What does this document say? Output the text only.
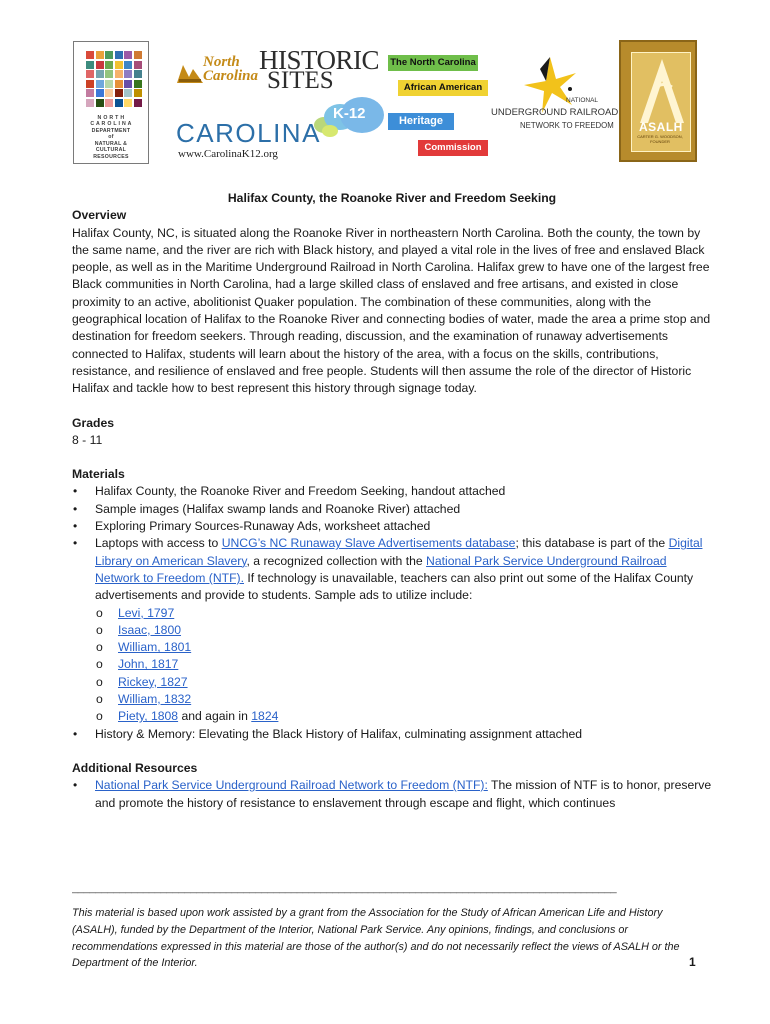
N O R T H
C A R O L I N A
DEPARTMENT
of
NATURAL &
CULTURAL
RESOURCES
North
Carolina
HISTORIC
SITES
K-12
CAROLINA
www.CarolinaK12.org
The North Carolina
African American
Heritage
Commission
NATIONAL
UNDERGROUND RAILROAD
NETWORK TO FREEDOM ASALH
CARTER G. WOODSON, FOUNDER

Halifax County, the Roanoke River and Freedom Seeking

Overview

Halifax County, NC, is situated along the Roanoke River in northeastern North Carolina. Both the county, the town by the same name, and the river are rich with Black history, and played a vital role in the lives of free and enslaved Black people, as well as in the Maritime Underground Railroad in North Carolina. Halifax grew to have one of the largest free Black communities in North Carolina, had a large skilled class of enslaved and free artisans, and existed in close proximity to an active, abolitionist Quaker population. The combination of these communities, along with the geographical location of Halifax to the Roanoke River and connecting bodies of water, made the area a prime stop and destination for freedom seekers. Through reading, discussion, and the examination of runaway advertisements connected to Halifax, students will learn about the history of the area, with a focus on the skills, contributions, resistance, and resilience of enslaved and free people. Students will then assume the role of the director of Historic Halifax and tackle how to best represent this history through signage today.

Grades

8 - 11

Materials

• Halifax County, the Roanoke River and Freedom Seeking, handout attached
• Sample images (Halifax swamp lands and Roanoke River) attached
• Exploring Primary Sources-Runaway Ads, worksheet attached
• Laptops with access to UNCG’s NC Runaway Slave Advertisements database; this database is part of the Digital Library on American Slavery, a recognized collection with the National Park Service Underground Railroad Network to Freedom (NTF). If technology is unavailable, teachers can also print out some of the Halifax County advertisements and provide to students. Sample ads to utilize include:
o Levi, 1797
o Isaac, 1800
o William, 1801
o John, 1817
o Rickey, 1827
o William, 1832
o Piety, 1808 and again in 1824
• History & Memory: Elevating the Black History of Halifax, culminating assignment attached

Additional Resources

• National Park Service Underground Railroad Network to Freedom (NTF): The mission of NTF is to honor, preserve and promote the history of resistance to enslavement through escape and flight, which continues
____________________________________________________________________________________________
This material is based upon work assisted by a grant from the Association for the Study of African American Life and History (ASALH), funded by the Department of the Interior, National Park Service. Any opinions, findings, and conclusions or recommendations expressed in this material are those of the author(s) and do not necessarily reflect the views of ASALH or the Department of the Interior.	1
